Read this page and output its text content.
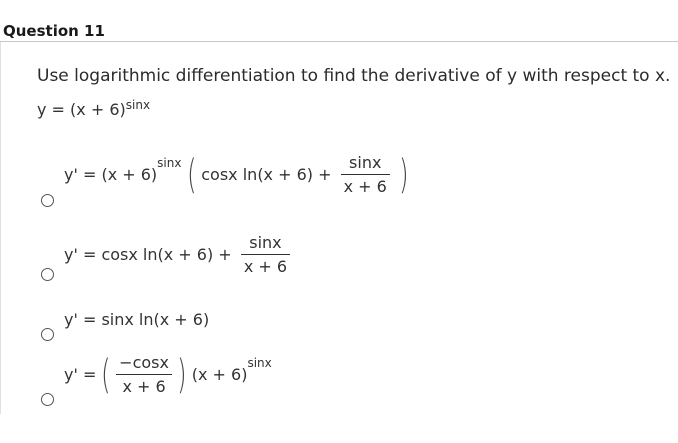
Question 11
Use logarithmic differentiation to find the derivative of y with respect to x.
$y = (x + 6)^{sinx}$
$y' = (x + 6)^{sinx}$ ( cosx $\ln(x + 6) + \frac{\sin x}{x + 6}$ )
y' = cosx $\ln(x + 6) + \frac{\sin x}{x + 6}$
y' = sinx ln(x + 6)
y' = ( $\frac{-\cos x}{x + 6}$ ) $(x + 6)^{sinx}$
